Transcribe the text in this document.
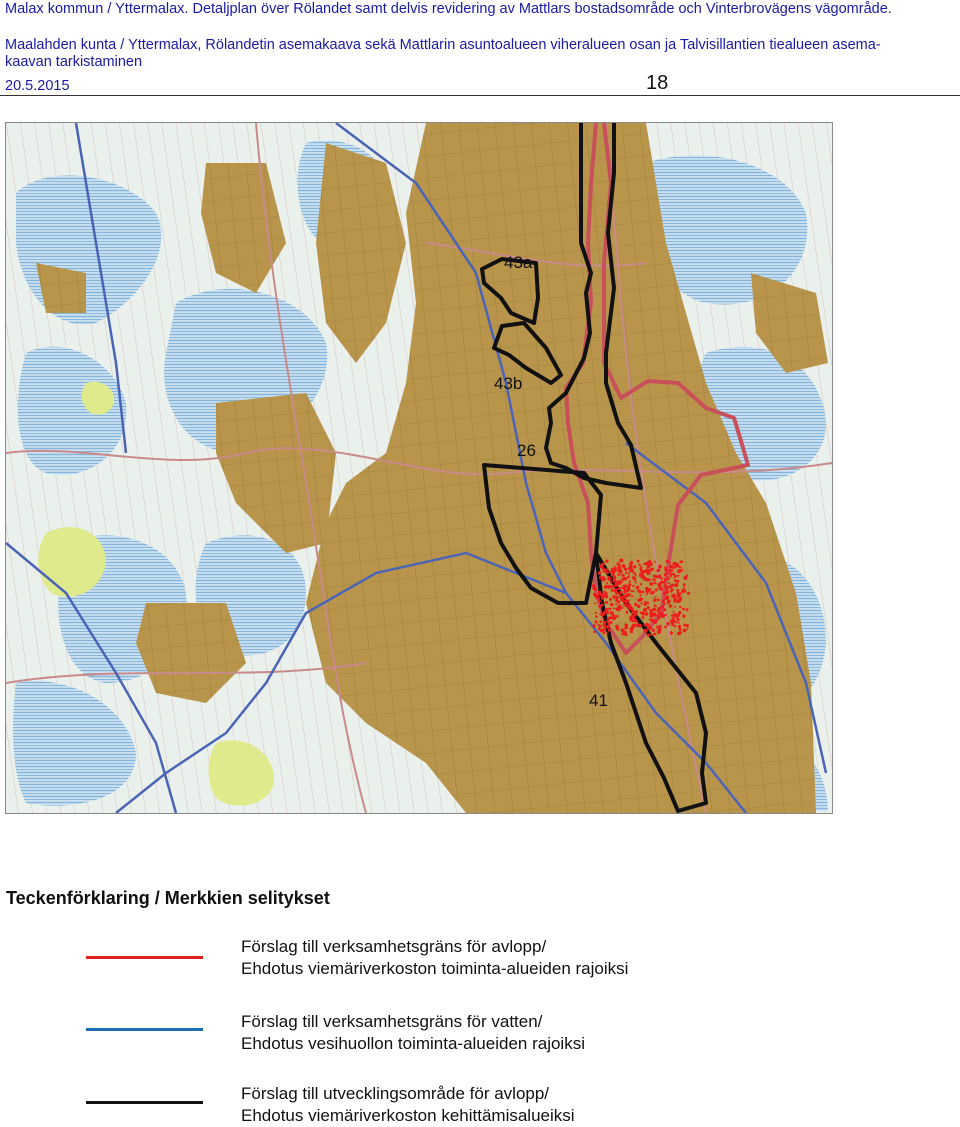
Malax kommun / Yttermalax. Detaljplan över Rölandet samt delvis revidering av Mattlars bostadsområde och Vinterbrovägens vägområde.
Maalahden kunta / Yttermalax, Rölandetin asemakaava sekä Mattlarin asuntoalueen viheralueen osan ja Talvisillantien tiealueen asema-
kaavan tarkistaminen
20.5.2015	18
43a
43b
26
41
Teckenförklaring / Merkkien selitykset
Förslag till verksamhetsgräns för avlopp/
Ehdotus viemäriverkoston toiminta-alueiden rajoiksi
Förslag till verksamhetsgräns för vatten/
Ehdotus vesihuollon toiminta-alueiden rajoiksi
Förslag till utvecklingsområde för avlopp/
Ehdotus viemäriverkoston kehittämisalueiksi
